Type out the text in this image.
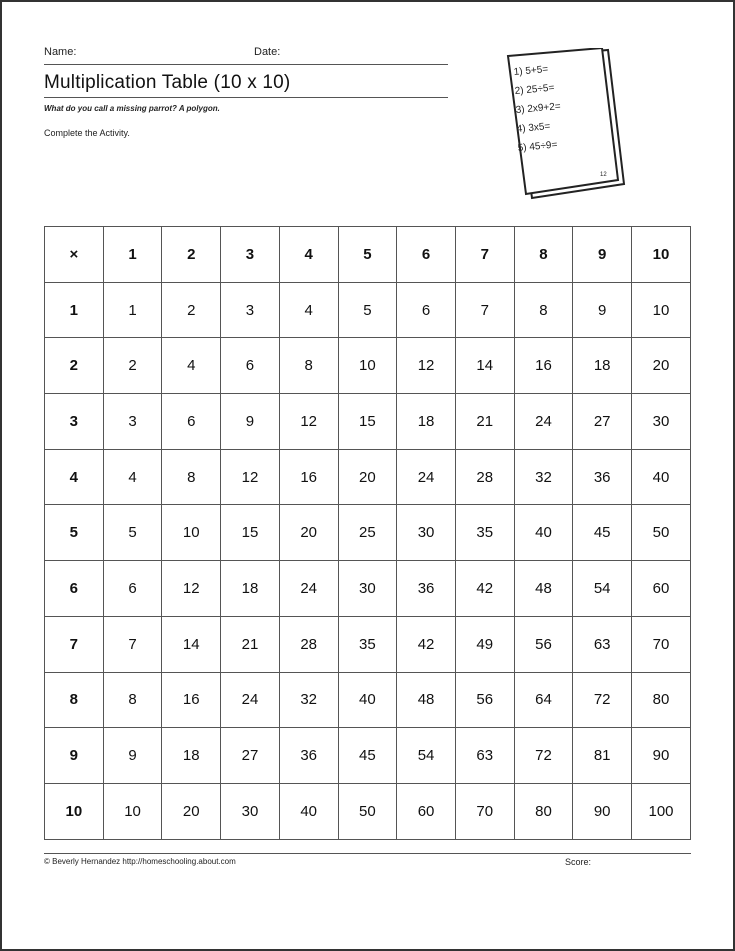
Name:	Date:
Multiplication Table (10 x 10)
What do you call a missing parrot? A polygon.
Complete the Activity.
1) 5+5=
2) 25÷5=
3) 2x9+2=
4) 3x5=
5) 45÷9=
12
×	1	2	3	4	5	6	7	8	9	10
1	1	2	3	4	5	6	7	8	9	10
2	2	4	6	8	10	12	14	16	18	20
3	3	6	9	12	15	18	21	24	27	30
4	4	8	12	16	20	24	28	32	36	40
5	5	10	15	20	25	30	35	40	45	50
6	6	12	18	24	30	36	42	48	54	60
7	7	14	21	28	35	42	49	56	63	70
8	8	16	24	32	40	48	56	64	72	80
9	9	18	27	36	45	54	63	72	81	90
10	10	20	30	40	50	60	70	80	90	100
© Beverly Hernandez http://homeschooling.about.com	Score:
